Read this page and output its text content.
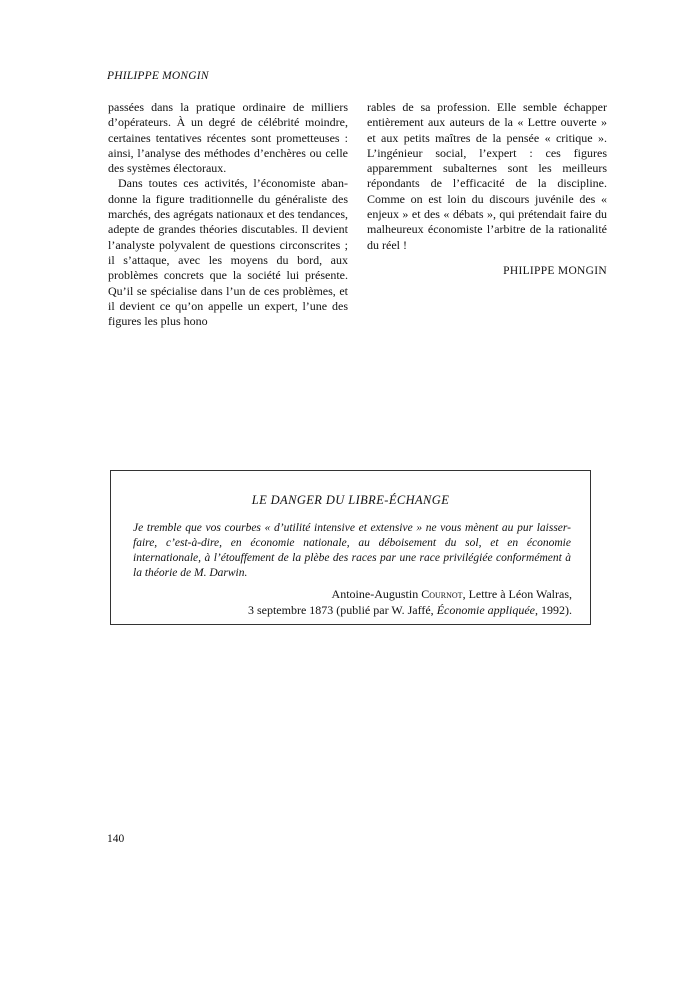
PHILIPPE MONGIN

passées dans la pratique ordinaire de milliers d’opérateurs. À un degré de célébrité moindre, certaines tentatives récentes sont prometteuses : ainsi, l’analyse des méthodes d’enchères ou celle des systèmes électoraux.

Dans toutes ces activités, l’économiste abandonne la figure traditionnelle du généraliste des marchés, des agrégats nationaux et des tendances, adepte de grandes théories discutables. Il devient l’analyste polyvalent de questions circonscrites ; il s’attaque, avec les moyens du bord, aux problèmes concrets que la société lui présente. Qu’il se spécialise dans l’un de ces problèmes, et il devient ce qu’on appelle un expert, l’une des figures les plus hono

rables de sa profession. Elle semble échapper entièrement aux auteurs de la « Lettre ouverte » et aux petits maîtres de la pensée « critique ». L’ingénieur social, l’expert : ces figures apparemment subalternes sont les meilleurs répondants de l’efficacité de la discipline. Comme on est loin du discours juvénile des « enjeux » et des « débats », qui prétendait faire du malheureux économiste l’arbitre de la rationalité du réel !

PHILIPPE MONGIN
LE DANGER DU LIBRE-ÉCHANGE

Je tremble que vos courbes « d’utilité intensive et extensive » ne vous mènent au pur laisser-faire, c’est-à-dire, en économie nationale, au déboisement du sol, et en économie internationale, à l’étouffement de la plèbe des races par une race privilégiée conformément à la théorie de M. Darwin.

Antoine-Augustin Cournot, Lettre à Léon Walras,
3 septembre 1873 (publié par W. Jaffé, Économie appliquée, 1992).
140
